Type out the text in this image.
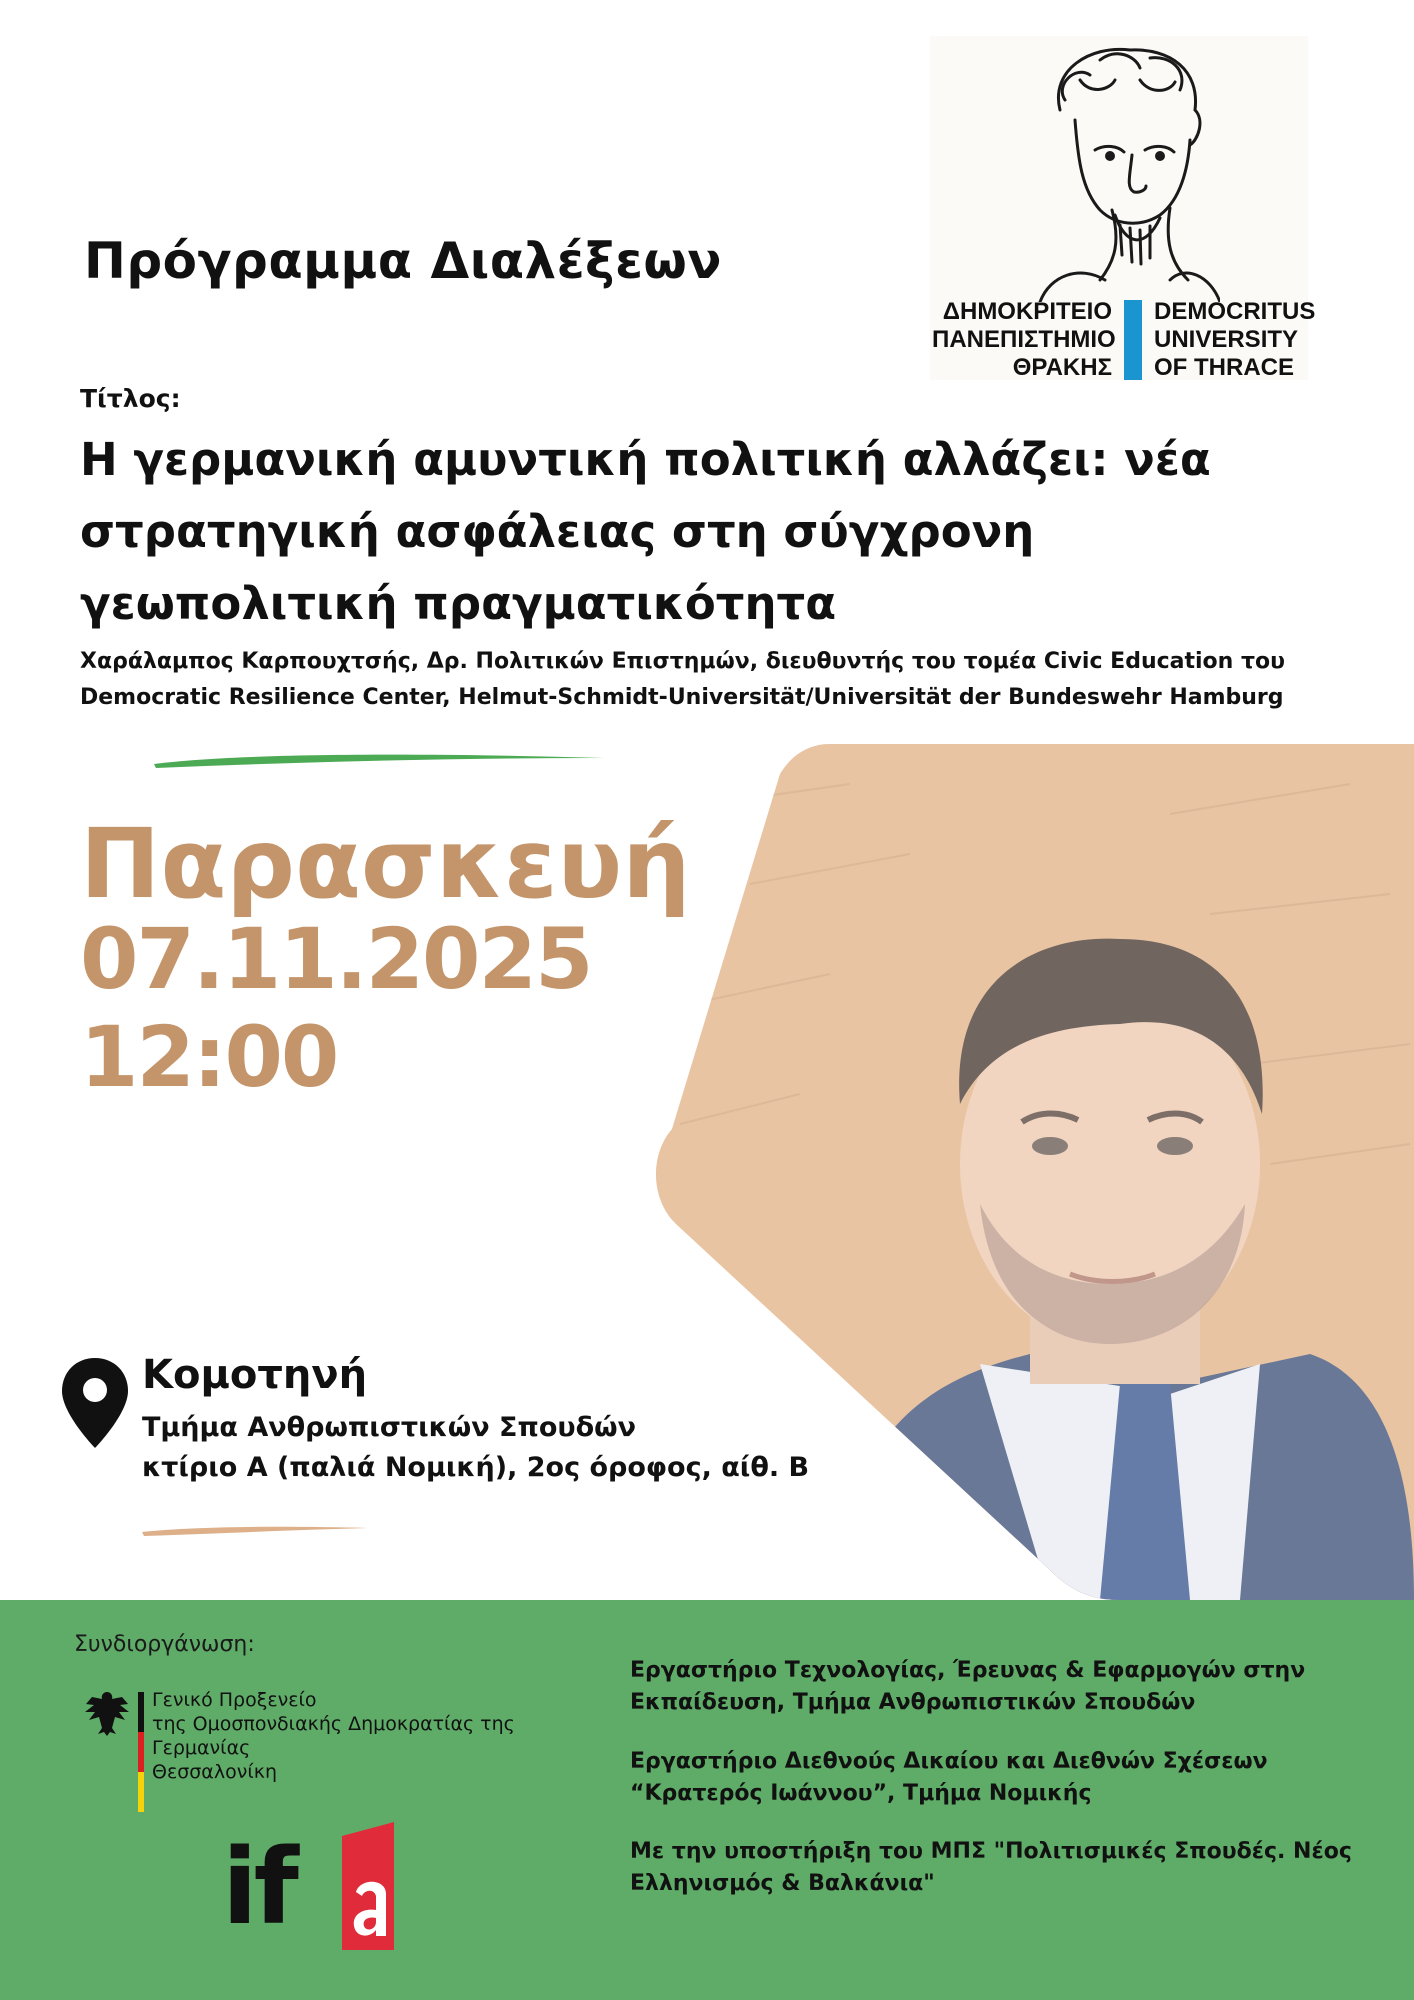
Πρόγραμμα Διαλέξεων
ΔΗΜΟΚΡΙΤΕΙΟ
ΠΑΝΕΠΙΣΤΗΜΙΟ
ΘΡΑΚΗΣ
DEMOCRITUS
UNIVERSITY
OF THRACE
Τίτλος:
Η γερμανική αμυντική πολιτική αλλάζει: νέα στρατηγική ασφάλειας στη σύγχρονη γεωπολιτική πραγματικότητα
Χαράλαμπος Καρπουχτσής, Δρ. Πολιτικών Επιστημών, διευθυντής του τομέα Civic Education του Democratic Resilience Center, Helmut-Schmidt-Universität/Universität der Bundeswehr Hamburg
Παρασκευή
07.11.2025
12:00
Κομοτηνή
Τμήμα Ανθρωπιστικών Σπουδών
κτίριο Α (παλιά Νομική), 2ος όροφος, αίθ. Β
Συνδιοργάνωση:
Γενικό Προξενείο
της Ομοσπονδιακής Δημοκρατίας της Γερμανίας
Θεσσαλονίκη
if
Εργαστήριο Τεχνολογίας, Έρευνας & Εφαρμογών στην Εκπαίδευση, Τμήμα Ανθρωπιστικών Σπουδών
Εργαστήριο Διεθνούς Δικαίου και Διεθνών Σχέσεων “Κρατερός Ιωάννου”, Τμήμα Νομικής
Με την υποστήριξη του ΜΠΣ "Πολιτισμικές Σπουδές. Νέος Ελληνισμός & Βαλκάνια"
